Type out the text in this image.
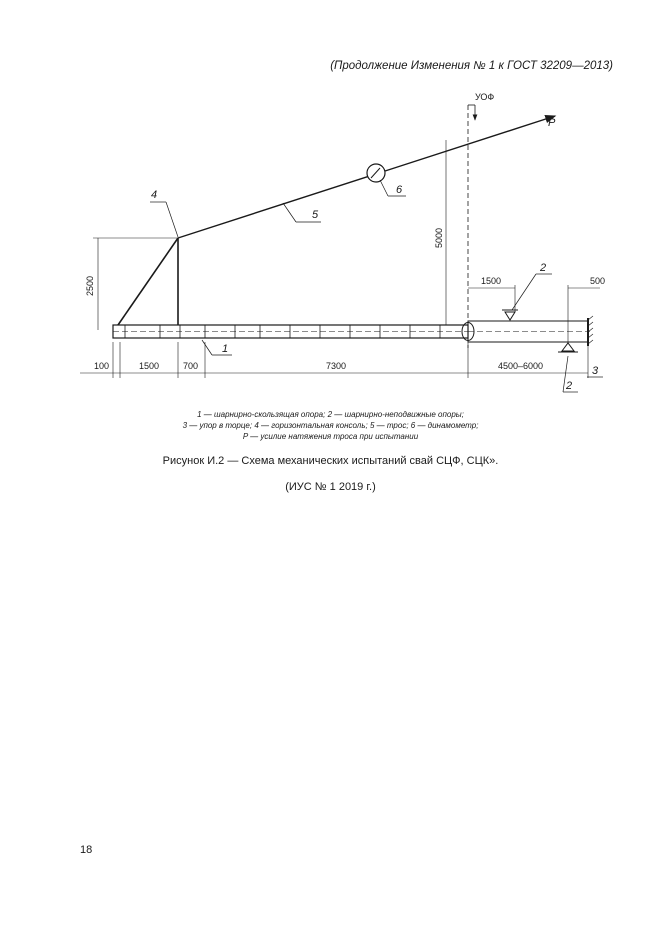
(Продолжение Изменения № 1 к ГОСТ 32209—2013)
УОФ
P
100	1500	700	7300	4500–6000
1500	500
2500
5000
4
5
6
1
2
2
3
1 — шарнирно-скользящая опора; 2 — шарнирно-неподвижные опоры;
3 — упор в торце; 4 — горизонтальная консоль; 5 — трос; 6 — динамометр;
P — усилие натяжения троса при испытании
Рисунок И.2 — Схема механических испытаний свай СЦФ, СЦК».
(ИУС № 1 2019 г.)
18
